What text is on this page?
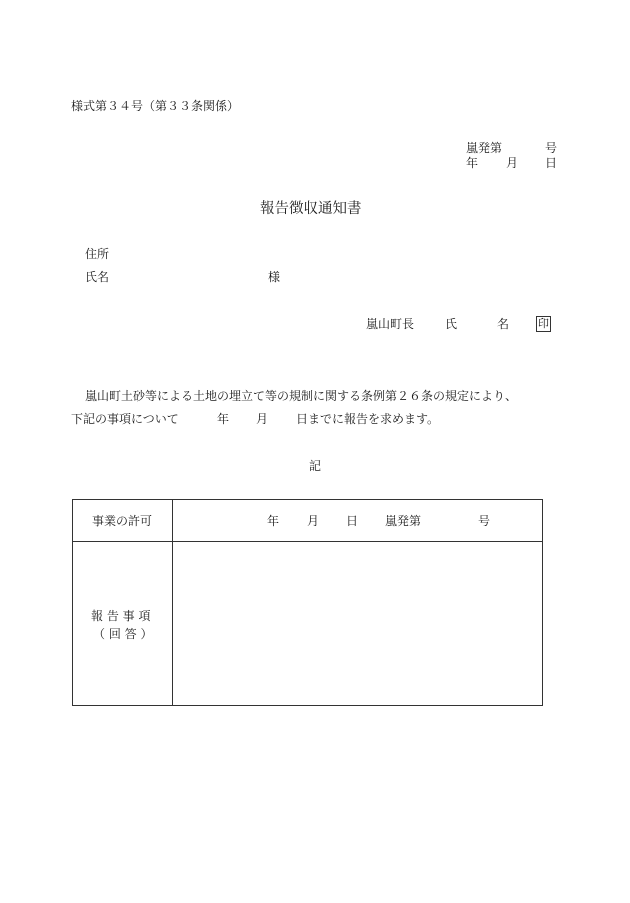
様式第３４号（第３３条関係）
嵐発第	号
年 月 日
報告徴収通知書
住所
氏名	様
嵐山町長	氏	名	印
嵐山町土砂等による土地の埋立て等の規制に関する条例第２６条の規定により、
下記の事項について	年 月 日までに報告を求めます。
記
事業の許可	年 月 日 嵐発第	号
報 告 事 項
（ 回 答 ）
